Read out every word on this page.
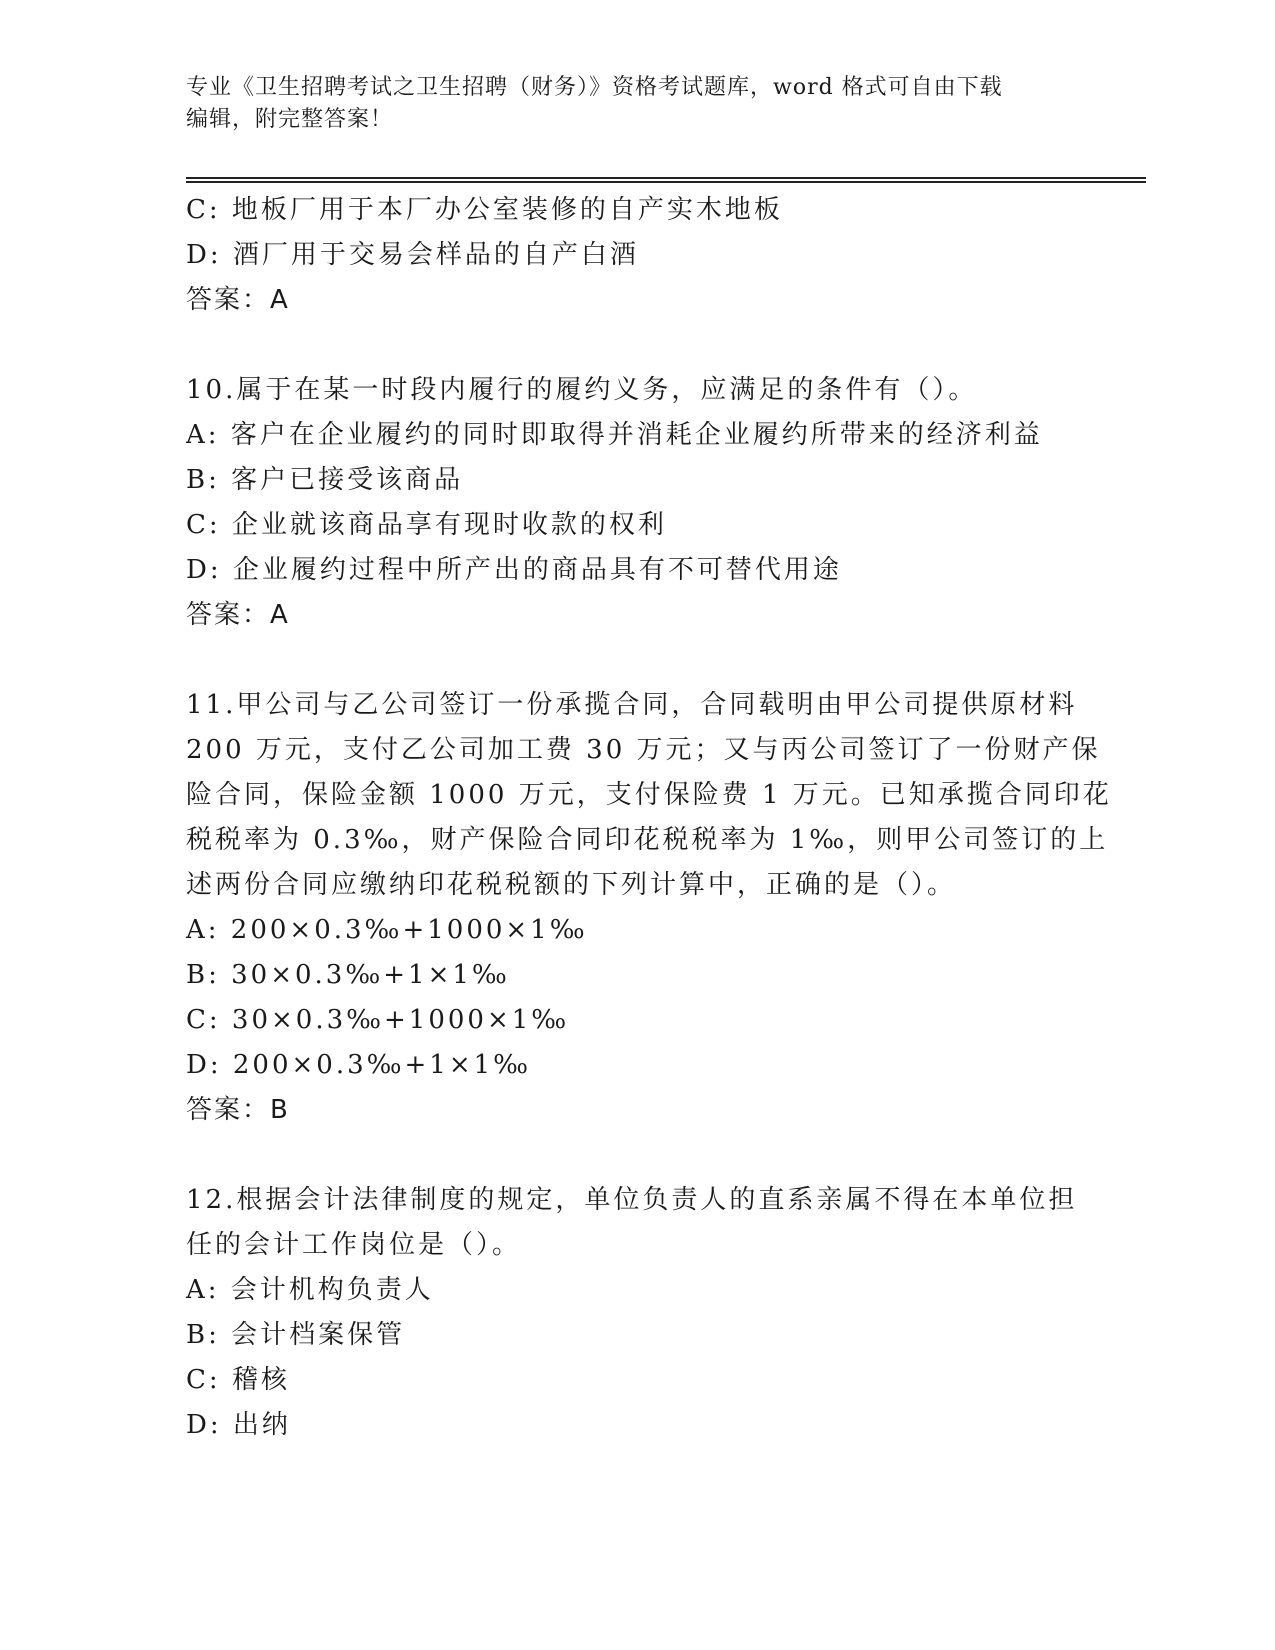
专业《卫生招聘考试之卫生招聘（财务）》资格考试题库，word 格式可自由下载
编辑，附完整答案！
C: 地板厂用于本厂办公室装修的自产实木地板
D: 酒厂用于交易会样品的自产白酒
答案：A
10.属于在某一时段内履行的履约义务，应满足的条件有（）。
A: 客户在企业履约的同时即取得并消耗企业履约所带来的经济利益
B: 客户已接受该商品
C: 企业就该商品享有现时收款的权利
D: 企业履约过程中所产出的商品具有不可替代用途
答案：A
11.甲公司与乙公司签订一份承揽合同，合同载明由甲公司提供原材料
200 万元，支付乙公司加工费 30 万元；又与丙公司签订了一份财产保
险合同，保险金额 1000 万元，支付保险费 1 万元。已知承揽合同印花
税税率为 0.3‰，财产保险合同印花税税率为 1‰，则甲公司签订的上
述两份合同应缴纳印花税税额的下列计算中，正确的是（）。
A: 200×0.3‰+1000×1‰
B: 30×0.3‰+1×1‰
C: 30×0.3‰+1000×1‰
D: 200×0.3‰+1×1‰
答案：B
12.根据会计法律制度的规定，单位负责人的直系亲属不得在本单位担
任的会计工作岗位是（）。
A: 会计机构负责人
B: 会计档案保管
C: 稽核
D: 出纳
